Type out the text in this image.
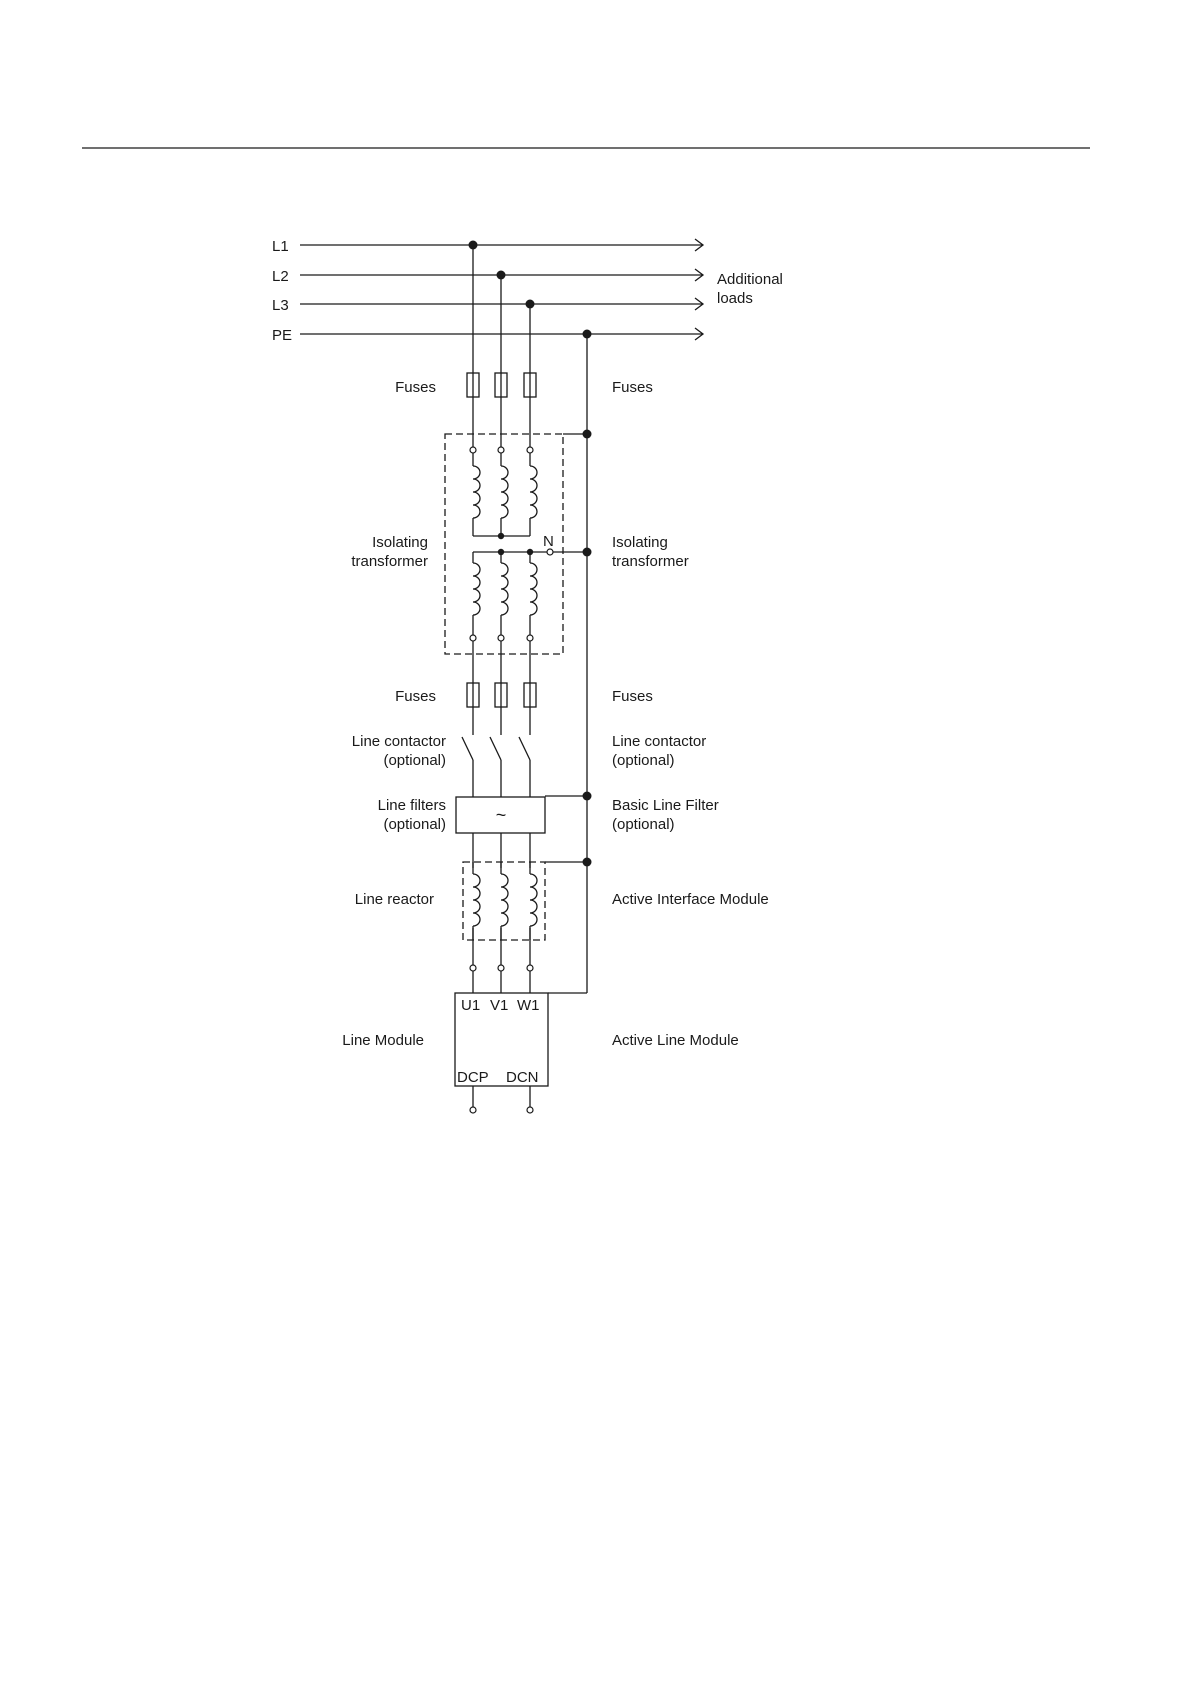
L1
L2
L3
PE
Additional
loads
Fuses	Fuses
N
Isolating
transformer
Isolating
transformer
Fuses	Fuses
Line contactor
(optional)
Line contactor
(optional)
~
Line filters
(optional)
Basic Line Filter
(optional)
Line reactor	Active Interface Module
U1 V1 W1
DCP DCN
Line Module	Active Line Module
